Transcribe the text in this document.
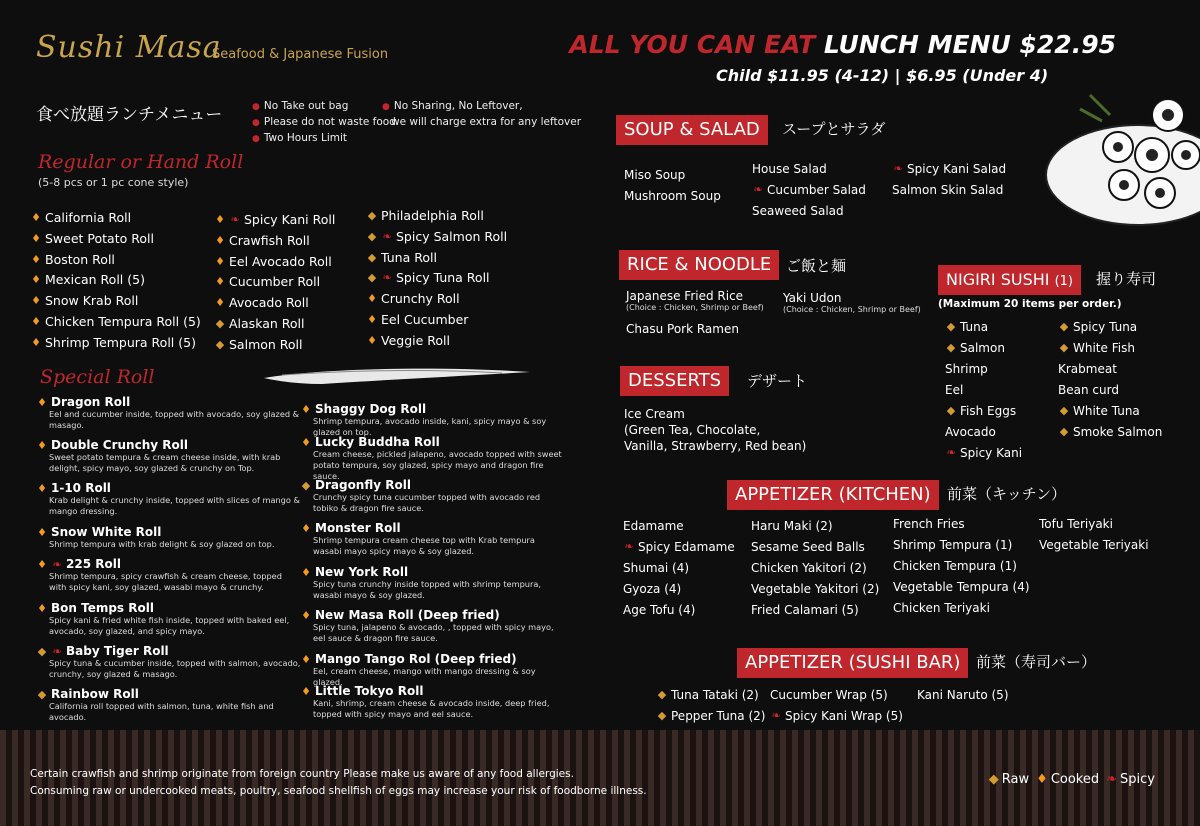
Sushi Masa
Seafood & Japanese Fusion	ALL YOU CAN EAT LUNCH MENU $22.95
Child $11.95 (4-12) | $6.95 (Under 4)
食べ放題ランチメニュー	● No Take out bag
● Please do not waste food
● Two Hours Limit
● No Sharing, No Leftover,
we will charge extra for any leftover
Regular or Hand Roll
(5-8 pcs or 1 pc cone style)
♦ California Roll
♦ Sweet Potato Roll
♦ Boston Roll
♦ Mexican Roll (5)
♦ Snow Krab Roll
♦ Chicken Tempura Roll (5)
♦ Shrimp Tempura Roll (5)
♦ ❧ Spicy Kani Roll
♦ Crawfish Roll
♦ Eel Avocado Roll
♦ Cucumber Roll
♦ Avocado Roll
◆ Alaskan Roll
◆ Salmon Roll
◆ Philadelphia Roll
◆ ❧ Spicy Salmon Roll
◆ Tuna Roll
◆ ❧ Spicy Tuna Roll
♦ Crunchy Roll
♦ Eel Cucumber
♦ Veggie Roll
Special Roll
♦ Dragon Roll
Eel and cucumber inside, topped with avocado, soy glazed & masago.
♦ Double Crunchy Roll
Sweet potato tempura & cream cheese inside, with krab delight, spicy mayo, soy glazed & crunchy on Top.
♦ 1-10 Roll
Krab delight & crunchy inside, topped with slices of mango & mango dressing.
♦ Snow White Roll
Shrimp tempura with krab delight & soy glazed on top.
♦ ❧ 225 Roll
Shrimp tempura, spicy crawfish & cream cheese, topped with spicy kani, soy glazed, wasabi mayo & crunchy.
♦ Bon Temps Roll
Spicy kani & fried white fish inside, topped with baked eel, avocado, soy glazed, and spicy mayo.
◆ ❧ Baby Tiger Roll
Spicy tuna & cucumber inside, topped with salmon, avocado, crunchy, soy glazed & masago.
◆ Rainbow Roll
California roll topped with salmon, tuna, white fish and avocado.
♦ Shaggy Dog Roll
Shrimp tempura, avocado inside, kani, spicy mayo & soy glazed on top.
♦ Lucky Buddha Roll
Cream cheese, pickled jalapeno, avocado topped with sweet potato tempura, soy glazed, spicy mayo and dragon fire sauce.
◆ Dragonfly Roll
Crunchy spicy tuna cucumber topped with avocado red tobiko & dragon fire sauce.
♦ Monster Roll
Shrimp tempura cream cheese top with Krab tempura wasabi mayo spicy mayo & soy glazed.
♦ New York Roll
Spicy tuna crunchy inside topped with shrimp tempura, wasabi mayo & soy glazed.
♦ New Masa Roll (Deep fried)
Spicy tuna, jalapeno & avocado, , topped with spicy mayo, eel sauce & dragon fire sauce.
♦ Mango Tango Rol (Deep fried)
Eel, cream cheese, mango with mango dressing & soy glazed.
♦ Little Tokyo Roll
Kani, shrimp, cream cheese & avocado inside, deep fried, topped with spicy mayo and eel sauce.
SOUP & SALAD	スープとサラダ
Miso Soup
Mushroom Soup
House Salad
❧ Cucumber Salad
Seaweed Salad
❧ Spicy Kani Salad
Salmon Skin Salad
RICE & NOODLE ご飯と麺
Japanese Fried Rice
(Choice : Chicken, Shrimp or Beef)
Yaki Udon
(Choice : Chicken, Shrimp or Beef)
Chasu Pork Ramen
NIGIRI SUSHI (1)	握り寿司
(Maximum 20 items per order.)
◆ Tuna
◆ Salmon
Shrimp
Eel
◆ Fish Eggs
Avocado
❧ Spicy Kani
◆ Spicy Tuna
◆ White Fish
Krabmeat
Bean curd
◆ White Tuna
◆ Smoke Salmon
DESSERTS	デザート
Ice Cream
(Green Tea, Chocolate,
Vanilla, Strawberry, Red bean)
APPETIZER (KITCHEN)	前菜（キッチン）
Edamame
❧ Spicy Edamame
Shumai (4)
Gyoza (4)
Age Tofu (4)
Haru Maki (2)
Sesame Seed Balls
Chicken Yakitori (2)
Vegetable Yakitori (2)
Fried Calamari (5)
French Fries
Shrimp Tempura (1)
Chicken Tempura (1)
Vegetable Tempura (4)
Chicken Teriyaki
Tofu Teriyaki
Vegetable Teriyaki
APPETIZER (SUSHI BAR)	前菜（寿司バー）
◆ Tuna Tataki (2)
◆ Pepper Tuna (2)
Cucumber Wrap (5)
❧ Spicy Kani Wrap (5)
Kani Naruto (5)
Certain crawfish and shrimp originate from foreign country Please make us aware of any food allergies.
Consuming raw or undercooked meats, poultry, seafood shellfish of eggs may increase your risk of foodborne illness.
◆ Raw ♦ Cooked ❧ Spicy
